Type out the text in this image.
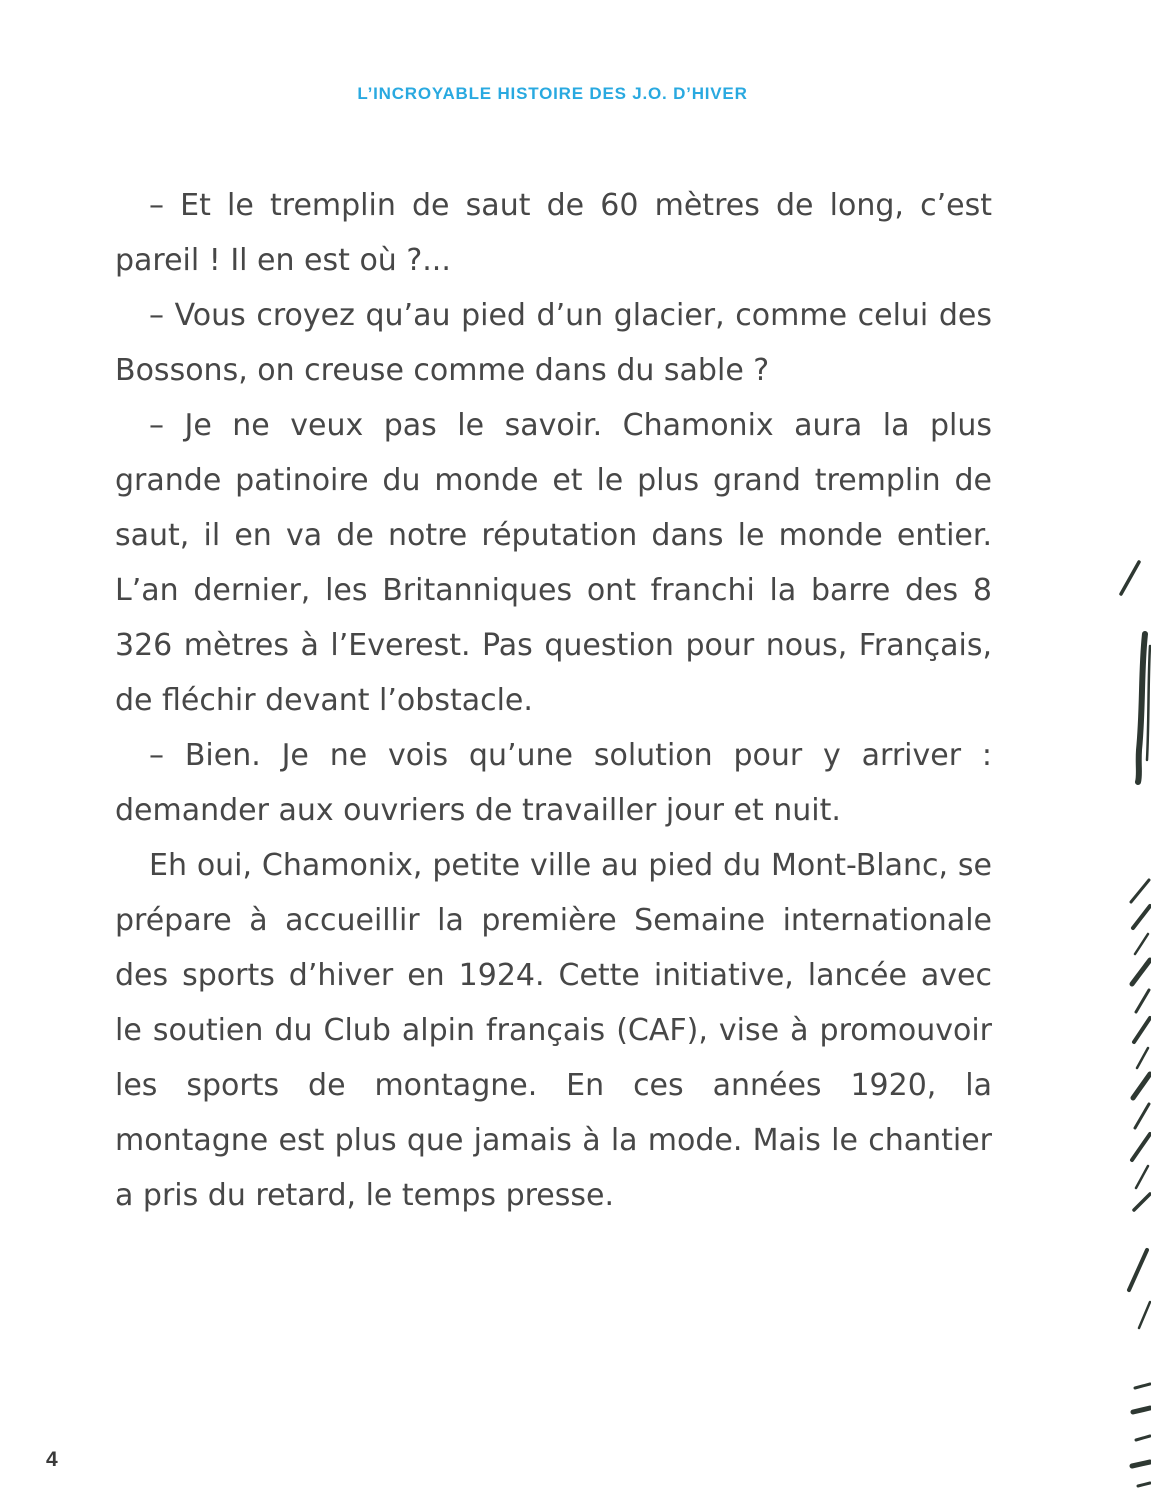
L’INCROYABLE HISTOIRE DES J.O. D’HIVER

– Et le tremplin de saut de 60 mètres de long, c’est pareil ! Il en est où ?...

– Vous croyez qu’au pied d’un glacier, comme celui des Bossons, on creuse comme dans du sable ?

– Je ne veux pas le savoir. Chamonix aura la plus grande patinoire du monde et le plus grand tremplin de saut, il en va de notre réputation dans le monde entier. L’an dernier, les Britanniques ont franchi la barre des 8 326 mètres à l’Everest. Pas question pour nous, Français, de fléchir devant l’obstacle.

– Bien. Je ne vois qu’une solution pour y arriver : demander aux ouvriers de travailler jour et nuit.

Eh oui, Chamonix, petite ville au pied du Mont-Blanc, se prépare à accueillir la première Semaine internationale des sports d’hiver en 1924. Cette initiative, lancée avec le soutien du Club alpin français (CAF), vise à promouvoir les sports de montagne. En ces années 1920, la montagne est plus que jamais à la mode. Mais le chantier a pris du retard, le temps presse.

4
